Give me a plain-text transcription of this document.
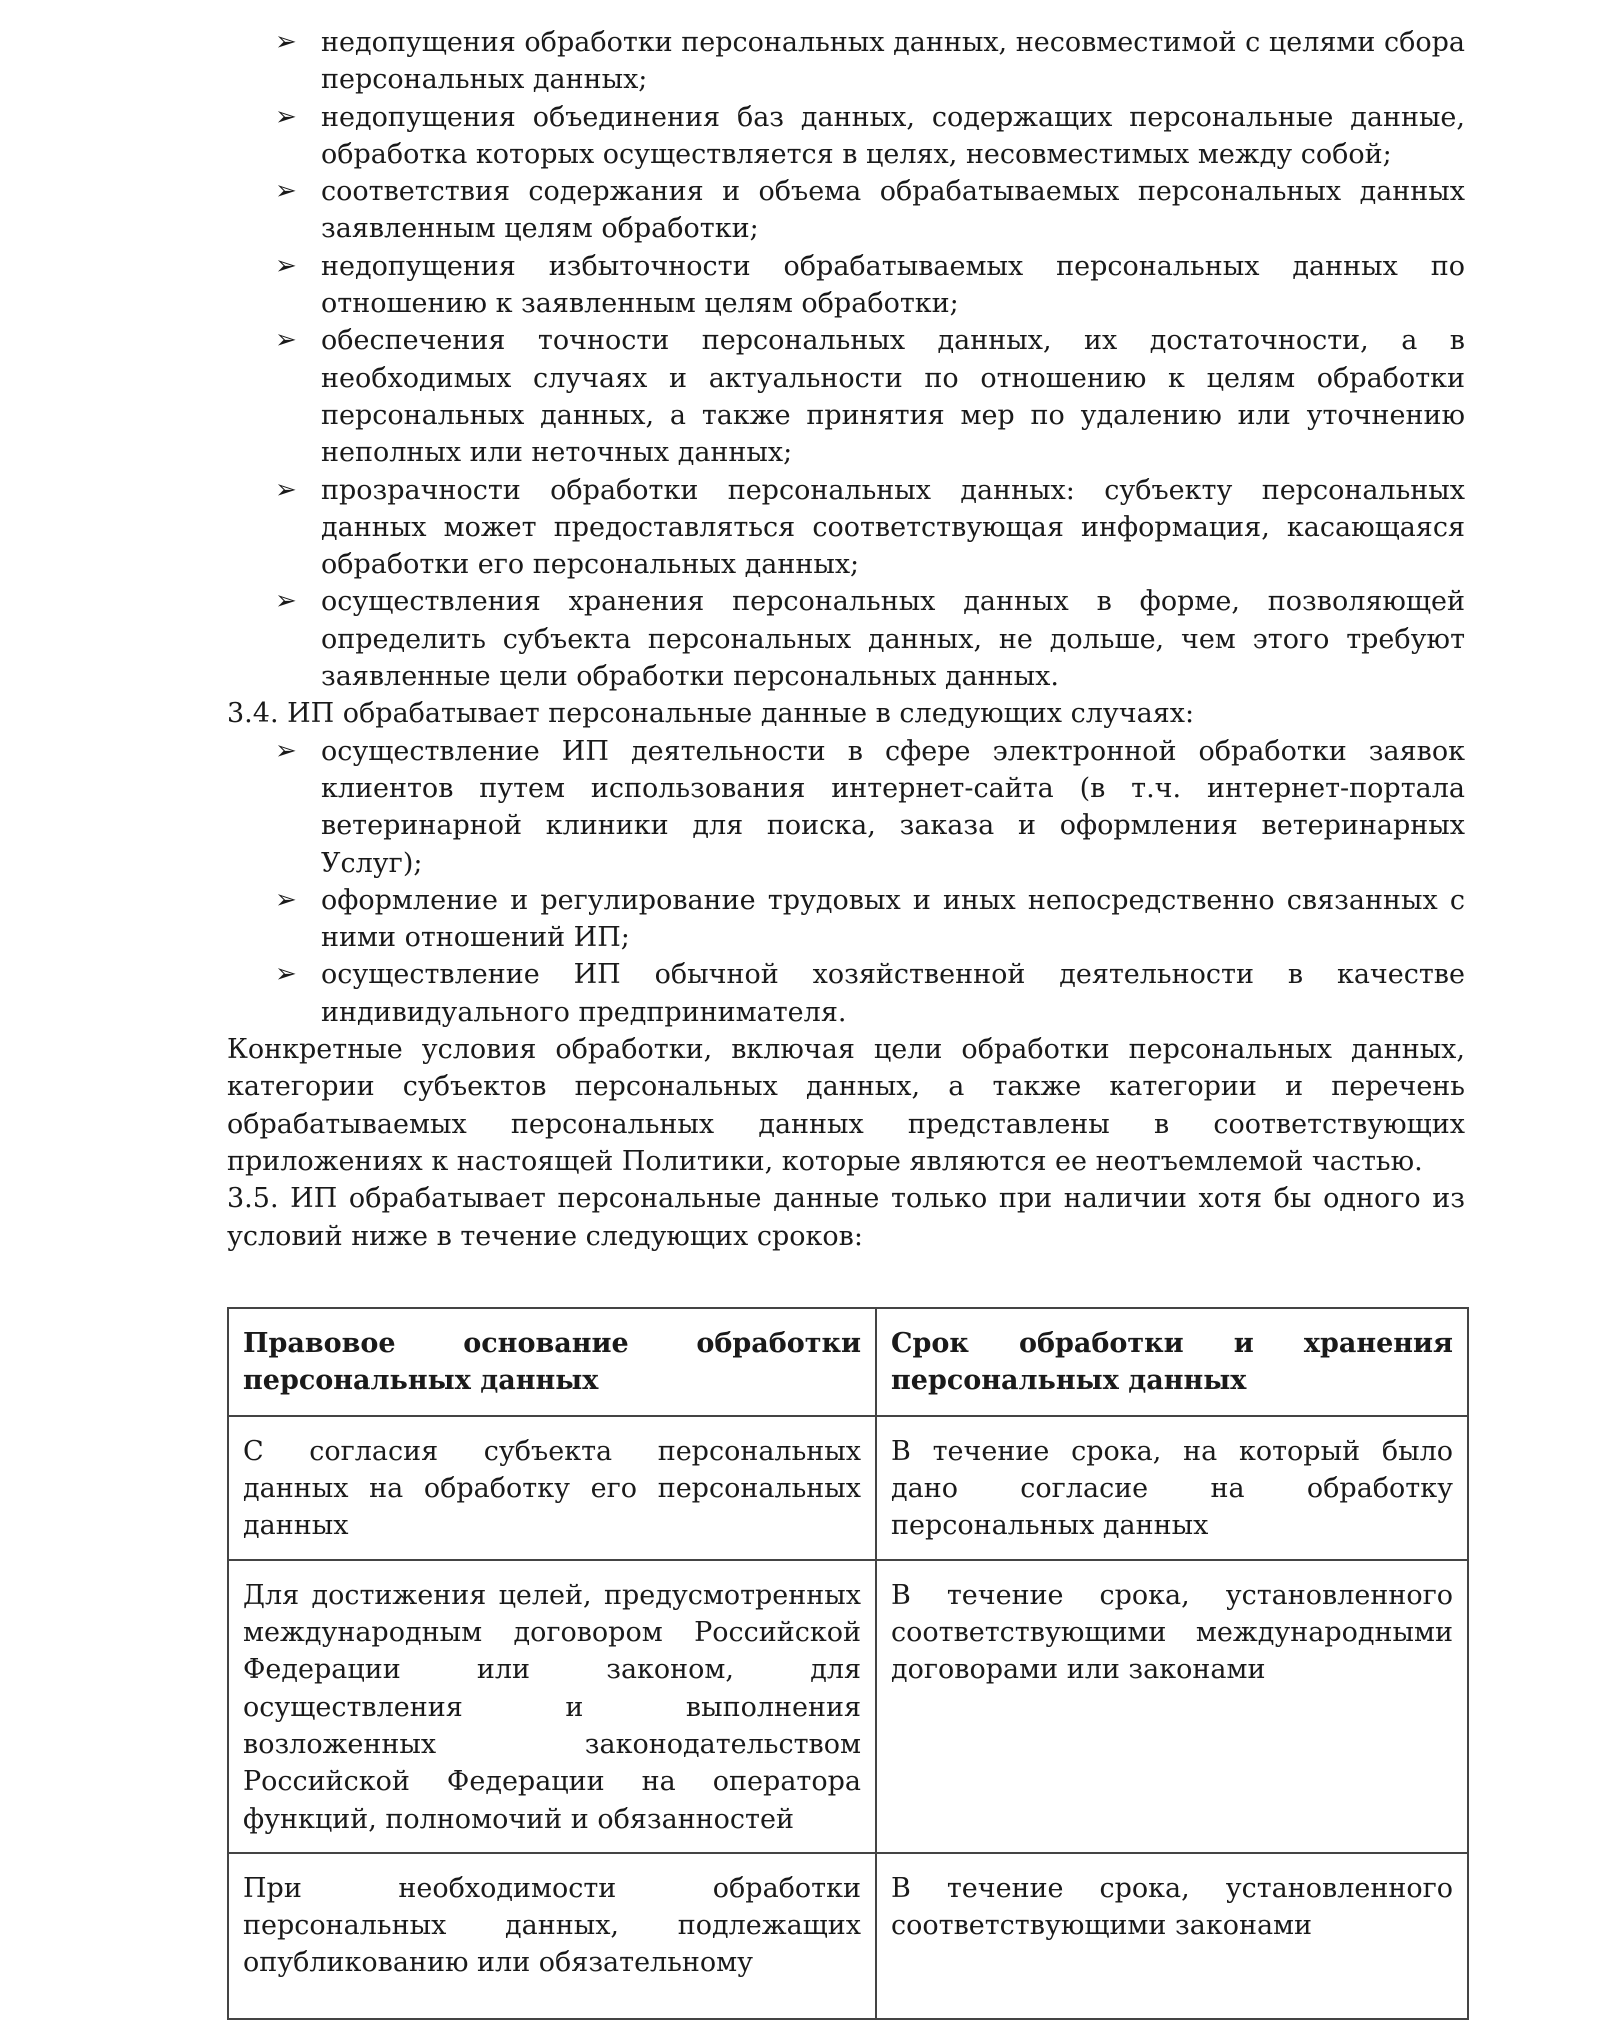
➢ недопущения обработки персональных данных, несовместимой с целями сбора персональных данных;
➢ недопущения объединения баз данных, содержащих персональные данные, обработка которых осуществляется в целях, несовместимых между собой;
➢ соответствия содержания и объема обрабатываемых персональных данных заявленным целям обработки;
➢ недопущения избыточности обрабатываемых персональных данных по отношению к заявленным целям обработки;
➢ обеспечения точности персональных данных, их достаточности, а в необходимых случаях и актуальности по отношению к целям обработки персональных данных, а также принятия мер по удалению или уточнению неполных или неточных данных;
➢ прозрачности обработки персональных данных: субъекту персональных данных может предоставляться соответствующая информация, касающаяся обработки его персональных данных;
➢ осуществления хранения персональных данных в форме, позволяющей определить субъекта персональных данных, не дольше, чем этого требуют заявленные цели обработки персональных данных.

3.4. ИП обрабатывает персональные данные в следующих случаях:

➢ осуществление ИП деятельности в сфере электронной обработки заявок клиентов путем использования интернет-сайта (в т.ч. интернет-портала ветеринарной клиники для поиска, заказа и оформления ветеринарных Услуг);
➢ оформление и регулирование трудовых и иных непосредственно связанных с ними отношений ИП;
➢ осуществление ИП обычной хозяйственной деятельности в качестве индивидуального предпринимателя.

Конкретные условия обработки, включая цели обработки персональных данных, категории субъектов персональных данных, а также категории и перечень обрабатываемых персональных данных представлены в соответствующих приложениях к настоящей Политики, которые являются ее неотъемлемой частью.

3.5. ИП обрабатывает персональные данные только при наличии хотя бы одного из условий ниже в течение следующих сроков:

Правовое основание обработки персональных данных	Срок обработки и хранения персональных данных
С согласия субъекта персональных данных на обработку его персональных данных	В течение срока, на который было дано согласие на обработку персональных данных
Для достижения целей, предусмотренных международным договором Российской Федерации или законом, для осуществления и выполнения возложенных законодательством Российской Федерации на оператора функций, полномочий и обязанностей	В течение срока, установленного соответствующими международными договорами или законами
При необходимости обработки персональных данных, подлежащих опубликованию или обязательному	В течение срока, установленного соответствующими законами
